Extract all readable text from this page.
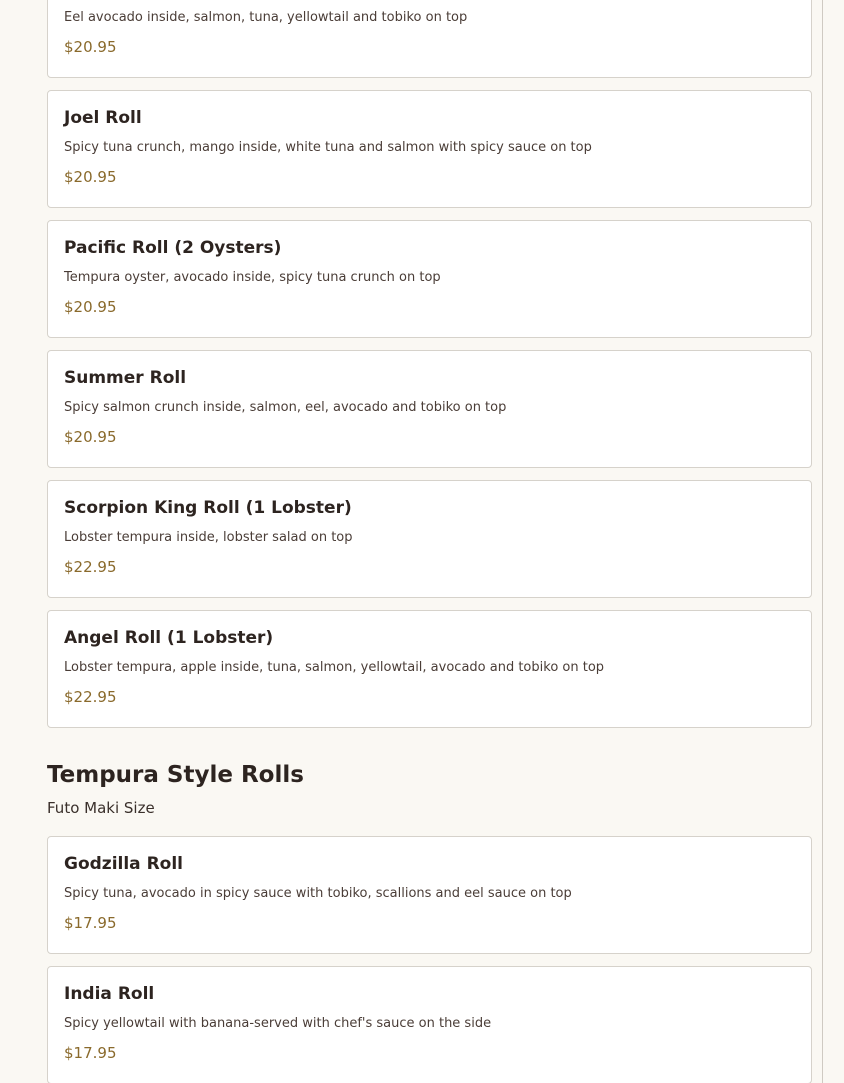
Eel avocado inside, salmon, tuna, yellowtail and tobiko on top
$20.95
Joel Roll
Spicy tuna crunch, mango inside, white tuna and salmon with spicy sauce on top
$20.95
Pacific Roll (2 Oysters)
Tempura oyster, avocado inside, spicy tuna crunch on top
$20.95
Summer Roll
Spicy salmon crunch inside, salmon, eel, avocado and tobiko on top
$20.95
Scorpion King Roll (1 Lobster)
Lobster tempura inside, lobster salad on top
$22.95
Angel Roll (1 Lobster)
Lobster tempura, apple inside, tuna, salmon, yellowtail, avocado and tobiko on top
$22.95
Tempura Style Rolls
Futo Maki Size
Godzilla Roll
Spicy tuna, avocado in spicy sauce with tobiko, scallions and eel sauce on top
$17.95
India Roll
Spicy yellowtail with banana-served with chef's sauce on the side
$17.95
